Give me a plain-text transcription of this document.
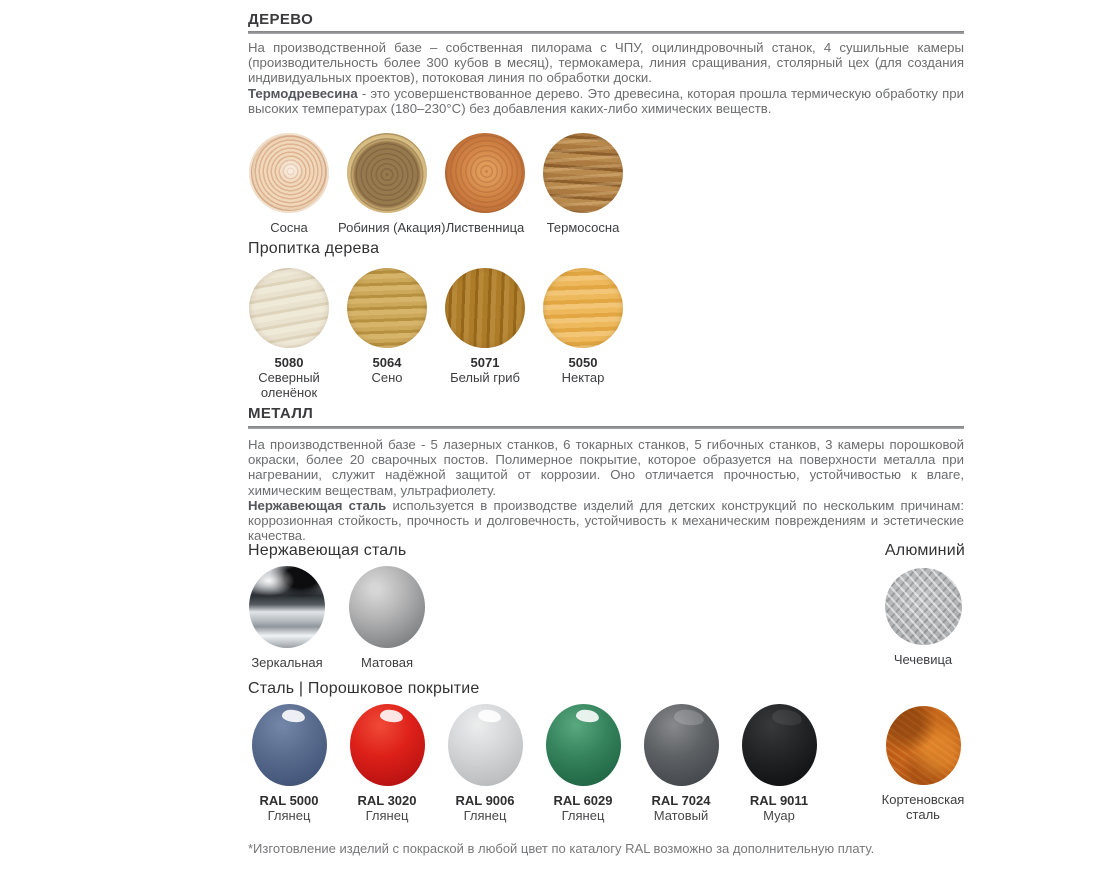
ДЕРЕВО

На производственной базе – собственная пилорама с ЧПУ, оцилиндровочный станок, 4 сушильные камеры (производительность более 300 кубов в месяц), термокамера, линия сращивания, столярный цех (для создания индивидуальных проектов), потоковая линия по обработки доски.

Термодревесина - это усовершенствованное дерево. Это древесина, которая прошла термическую обработку при высоких температурах (180–230°С) без добавления каких-либо химических веществ.

Сосна	Робиния (Акация) Лиственница	Термососна
Пропитка дерева
5080
Северный оленёнок
5064
Сено
5071
Белый гриб
5050
Нектар
МЕТАЛЛ

На производственной базе - 5 лазерных станков, 6 токарных станков, 5 гибочных станков, 3 камеры порошковой окраски, более 20 сварочных постов. Полимерное покрытие, которое образуется на поверхности металла при нагревании, служит надёжной защитой от коррозии. Оно отличается прочностью, устойчивостью к влаге, химическим веществам, ультрафиолету.

Нержавеющая сталь используется в производстве изделий для детских конструкций по нескольким причинам: коррозионная стойкость, прочность и долговечность, устойчивость к механическим повреждениям и эстетические качества.

Нержавеющая сталь	Алюминий
Зеркальная	Матовая	Чечевица
Сталь | Порошковое покрытие
RAL 5000
Глянец
RAL 3020
Глянец
RAL 9006
Глянец
RAL 6029
Глянец
RAL 7024
Матовый
RAL 9011
Муар
Кортеновская сталь
*Изготовление изделий с покраской в любой цвет по каталогу RAL возможно за дополнительную плату.
